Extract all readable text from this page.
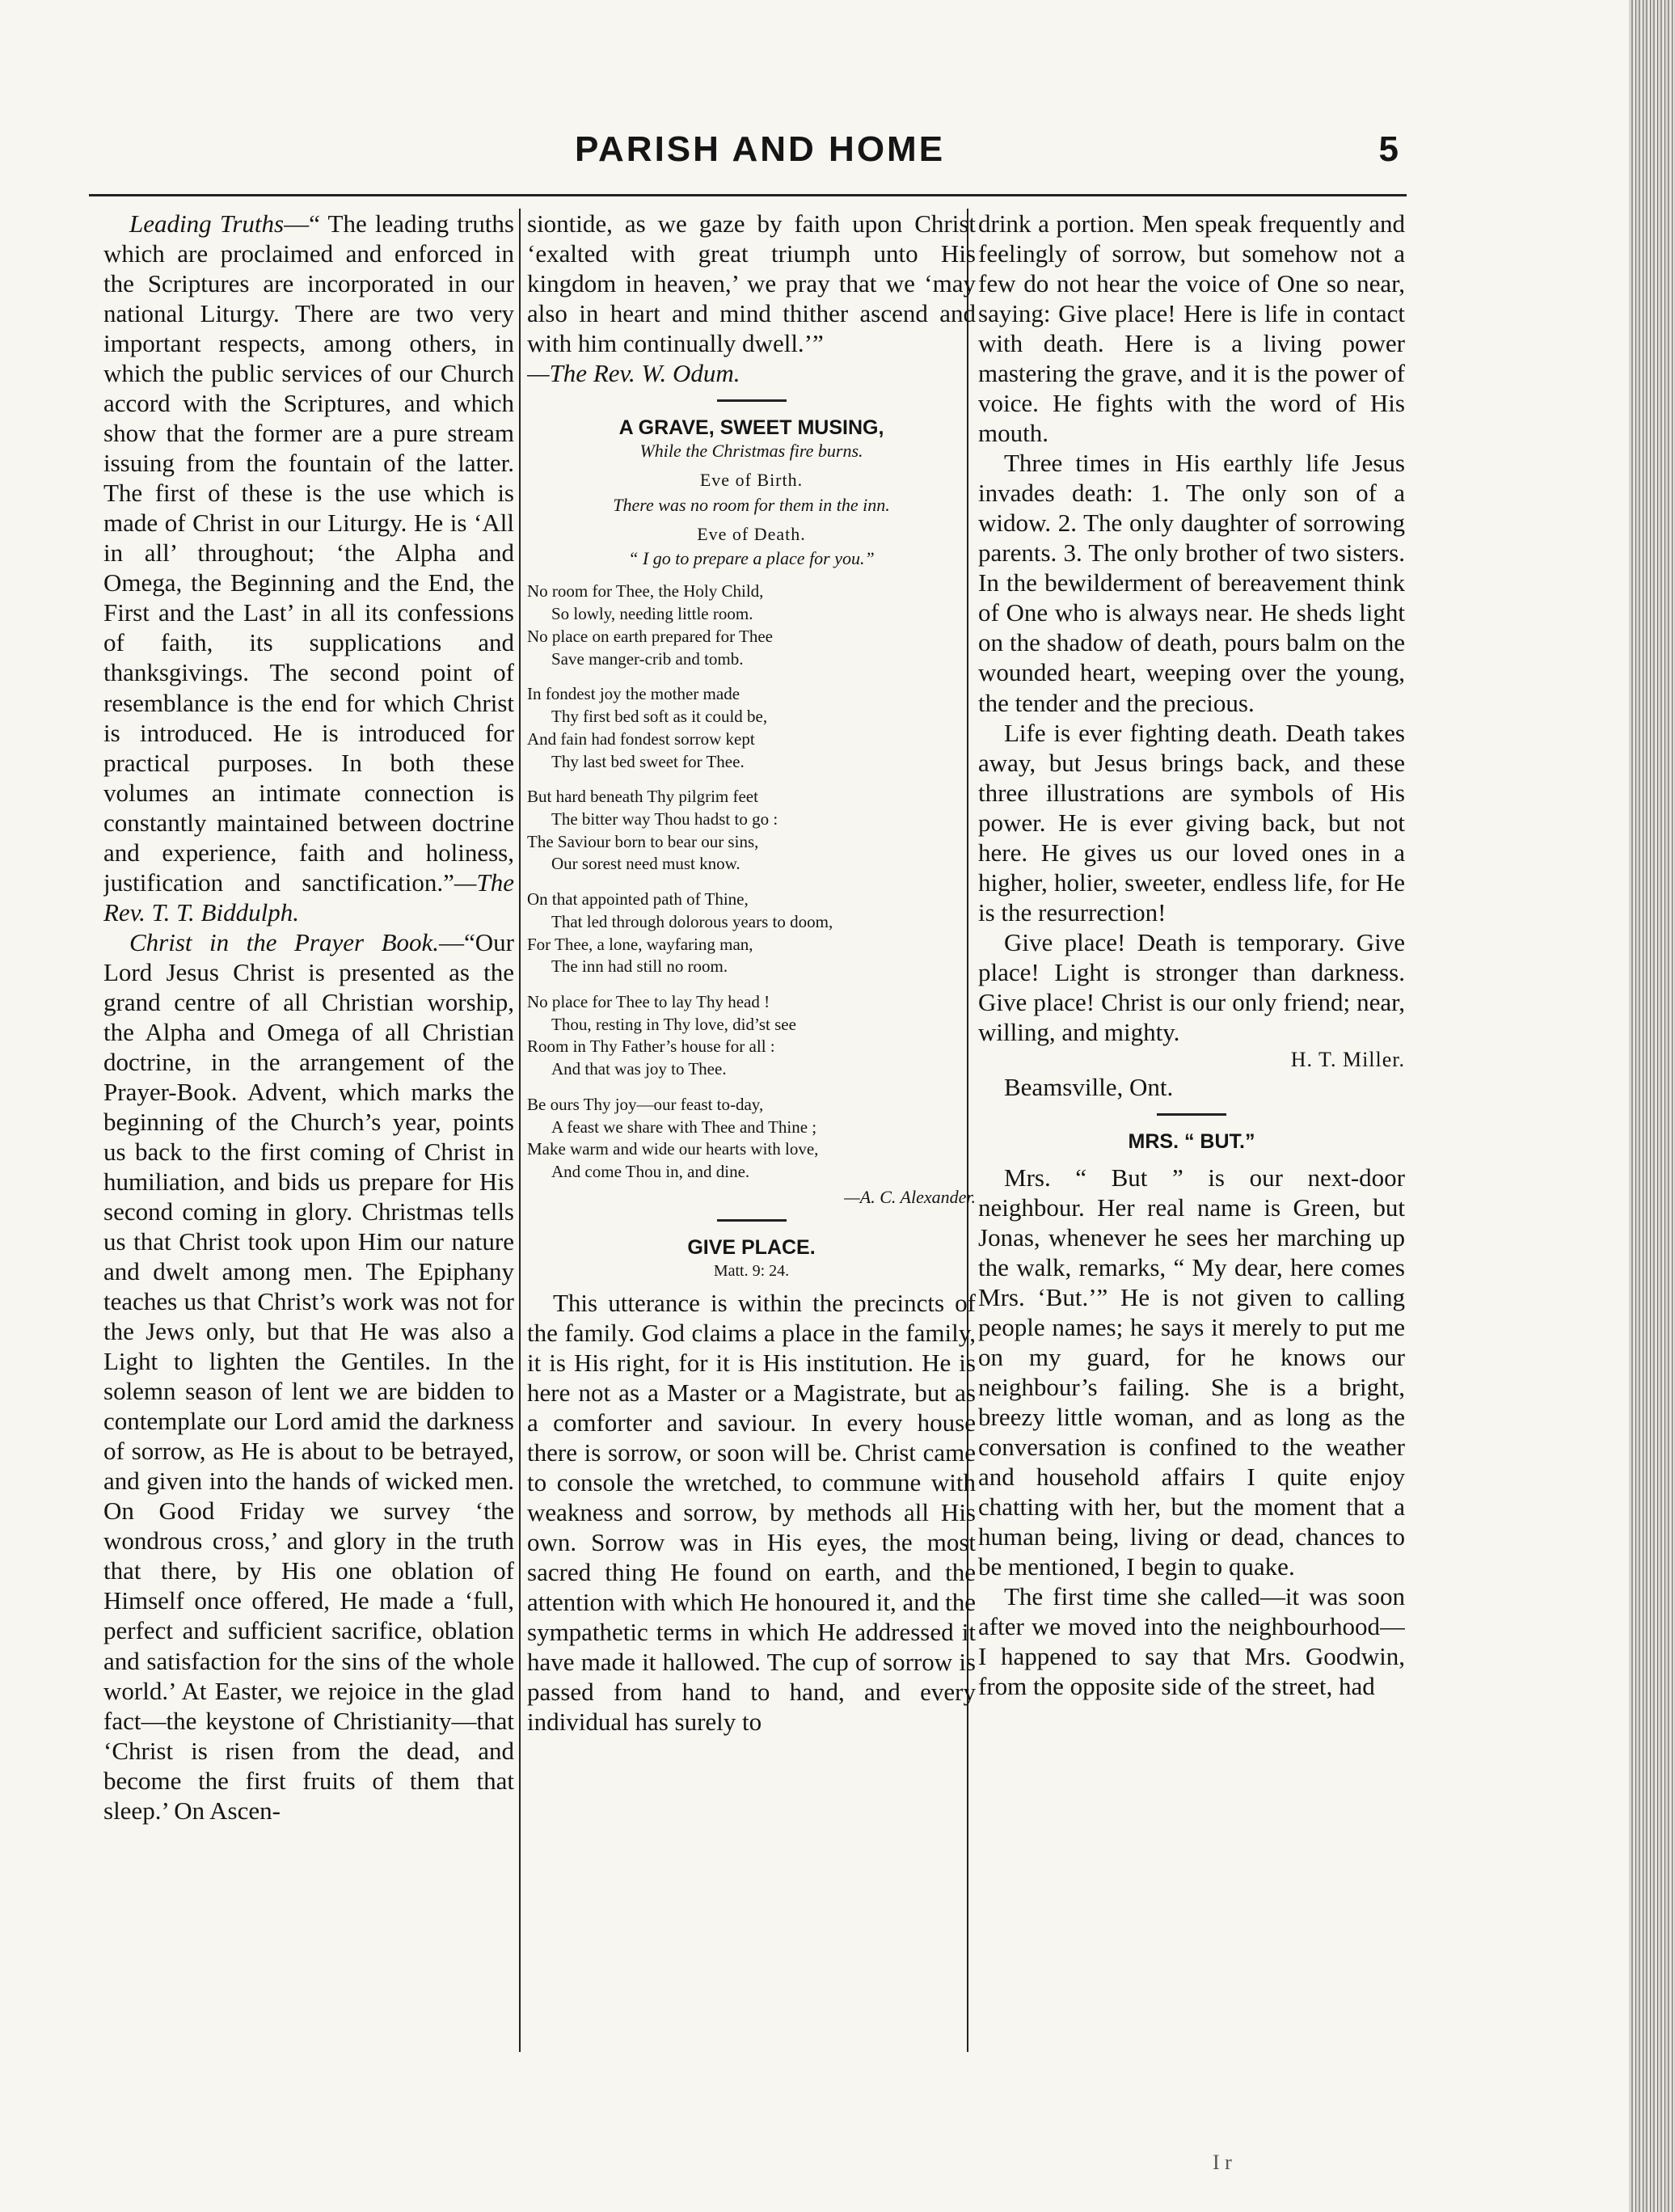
PARISH AND HOME	5

Leading Truths—“ The leading truths which are proclaimed and enforced in the Scriptures are incorporated in our national Liturgy. There are two very important respects, among others, in which the public services of our Church accord with the Scriptures, and which show that the former are a pure stream issuing from the fountain of the latter. The first of these is the use which is made of Christ in our Liturgy. He is ‘All in all’ throughout; ‘the Alpha and Omega, the Beginning and the End, the First and the Last’ in all its confessions of faith, its supplications and thanksgivings. The second point of resemblance is the end for which Christ is introduced. He is introduced for practical purposes. In both these volumes an intimate connection is constantly maintained between doctrine and experience, faith and holiness, justification and sanctification.”—The Rev. T. T. Biddulph.

Christ in the Prayer Book.—“Our Lord Jesus Christ is presented as the grand centre of all Christian worship, the Alpha and Omega of all Christian doctrine, in the arrangement of the Prayer-Book. Advent, which marks the beginning of the Church’s year, points us back to the first coming of Christ in humiliation, and bids us prepare for His second coming in glory. Christmas tells us that Christ took upon Him our nature and dwelt among men. The Epiphany teaches us that Christ’s work was not for the Jews only, but that He was also a Light to lighten the Gentiles. In the solemn season of lent we are bidden to contemplate our Lord amid the darkness of sorrow, as He is about to be betrayed, and given into the hands of wicked men. On Good Friday we survey ‘the wondrous cross,’ and glory in the truth that there, by His one oblation of Himself once offered, He made a ‘full, perfect and sufficient sacrifice, oblation and satisfaction for the sins of the whole world.’ At Easter, we rejoice in the glad fact—the keystone of Christianity—that ‘Christ is risen from the dead, and become the first fruits of them that sleep.’ On Ascen-

siontide, as we gaze by faith upon Christ ‘exalted with great triumph unto His kingdom in heaven,’ we pray that we ‘may also in heart and mind thither ascend and with him continually dwell.’”

—The Rev. W. Odum.
A GRAVE, SWEET MUSING,
While the Christmas fire burns.
Eve of Birth.
There was no room for them in the inn.
Eve of Death.
“ I go to prepare a place for you.”
No room for Thee, the Holy Child,
So lowly, needing little room.
No place on earth prepared for Thee
Save manger-crib and tomb.
In fondest joy the mother made
Thy first bed soft as it could be,
And fain had fondest sorrow kept
Thy last bed sweet for Thee.
But hard beneath Thy pilgrim feet
The bitter way Thou hadst to go :
The Saviour born to bear our sins,
Our sorest need must know.
On that appointed path of Thine,
That led through dolorous years to doom,
For Thee, a lone, wayfaring man,
The inn had still no room.
No place for Thee to lay Thy head !
Thou, resting in Thy love, did’st see
Room in Thy Father’s house for all :
And that was joy to Thee.
Be ours Thy joy—our feast to-day,
A feast we share with Thee and Thine ;
Make warm and wide our hearts with love,
And come Thou in, and dine.
—A. C. Alexander.
GIVE PLACE.
Matt. 9: 24.

This utterance is within the precincts of the family. God claims a place in the family, it is His right, for it is His institution. He is here not as a Master or a Magistrate, but as a comforter and saviour. In every house there is sorrow, or soon will be. Christ came to console the wretched, to commune with weakness and sorrow, by methods all His own. Sorrow was in His eyes, the most sacred thing He found on earth, and the attention with which He honoured it, and the sympathetic terms in which He addressed it have made it hallowed. The cup of sorrow is passed from hand to hand, and every individual has surely to

drink a portion. Men speak frequently and feelingly of sorrow, but somehow not a few do not hear the voice of One so near, saying: Give place! Here is life in contact with death. Here is a living power mastering the grave, and it is the power of voice. He fights with the word of His mouth.

Three times in His earthly life Jesus invades death: 1. The only son of a widow. 2. The only daughter of sorrowing parents. 3. The only brother of two sisters. In the bewilderment of bereavement think of One who is always near. He sheds light on the shadow of death, pours balm on the wounded heart, weeping over the young, the tender and the precious.

Life is ever fighting death. Death takes away, but Jesus brings back, and these three illustrations are symbols of His power. He is ever giving back, but not here. He gives us our loved ones in a higher, holier, sweeter, endless life, for He is the resurrection!

Give place! Death is temporary. Give place! Light is stronger than darkness. Give place! Christ is our only friend; near, willing, and mighty.

H. T. Miller.
Beamsville, Ont.
MRS. “ BUT.”

Mrs. “ But ” is our next-door neighbour. Her real name is Green, but Jonas, whenever he sees her marching up the walk, remarks, “ My dear, here comes Mrs. ‘But.’” He is not given to calling people names; he says it merely to put me on my guard, for he knows our neighbour’s failing. She is a bright, breezy little woman, and as long as the conversation is confined to the weather and household affairs I quite enjoy chatting with her, but the moment that a human being, living or dead, chances to be mentioned, I begin to quake.

The first time she called—it was soon after we moved into the neighbourhood—I happened to say that Mrs. Goodwin, from the opposite side of the street, had

I r
